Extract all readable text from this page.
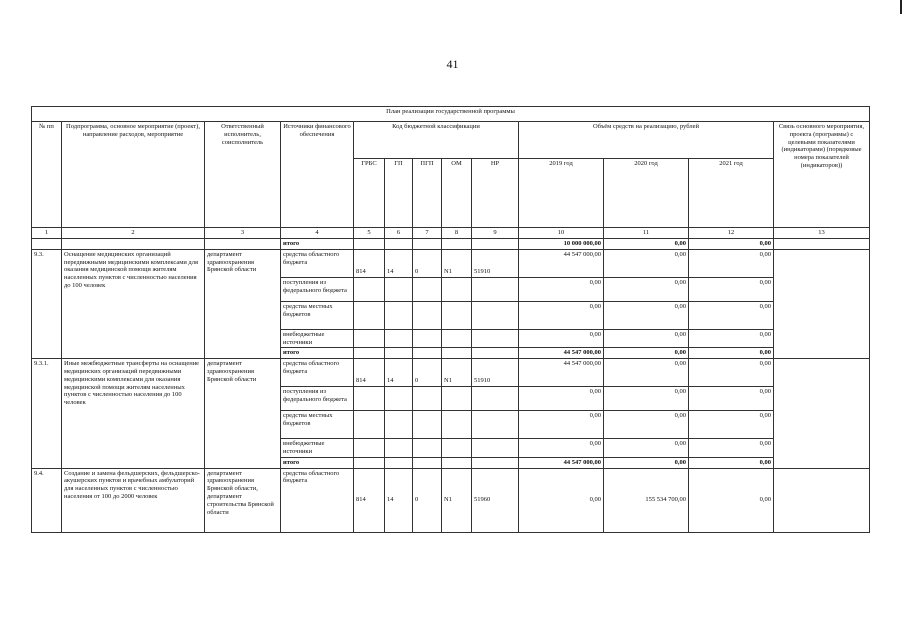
41
План реализации государственной программы												
№ пп	Подпрограмма, основное мероприятие (проект), направление расходов, мероприятие	Ответственный исполнитель, соисполнитель	Источники финансового обеспечения	Код бюджетной классификации					Объём средств на реализацию, рублей			Связь основного мероприятия, проекта (программы) с целевыми показателями (индикаторами) (порядковые номера показателей (индикаторов))
				ГРБС	ГП	ПГП	ОМ	НР	2019 год	2020 год	2021 год	
1	2	3	4	5	6	7	8	9	10	11	12	13
			итого						10 000 000,00	0,00	0,00	
9.3.	Оснащение медицинских организаций передвижными медицинскими комплексами для оказания медицинской помощи жителям населенных пунктов с численностью населения до 100 человек	департамент здравоохранения Брянской области	средства областного бюджета	814	14	0	N1	51910	44 547 000,00	0,00	0,00	
			поступления из федерального бюджета						0,00	0,00	0,00	
			средства местных бюджетов						0,00	0,00	0,00	
			внебюджетные источники						0,00	0,00	0,00	
			итого						44 547 000,00	0,00	0,00	
9.3.1.	Иные межбюджетные трансферты на оснащение медицинских организаций передвижными медицинскими комплексами для оказания медицинской помощи жителям населенных пунктов с численностью населения до 100 человек	департамент здравоохранения Брянской области	средства областного бюджета	814	14	0	N1	51910	44 547 000,00	0,00	0,00	
			поступления из федерального бюджета						0,00	0,00	0,00	
			средства местных бюджетов						0,00	0,00	0,00	
			внебюджетные источники						0,00	0,00	0,00	
			итого						44 547 000,00	0,00	0,00	
9.4.	Создание и замена фельдшерских, фельдшерско-акушерских пунктов и врачебных амбулаторий для населенных пунктов с численностью населения от 100 до 2000 человек	департамент здравоохранения Брянской области, департамент строительства Брянской области	средства областного бюджета	814	14	0	N1	51960	0,00	155 534 700,00	0,00	
